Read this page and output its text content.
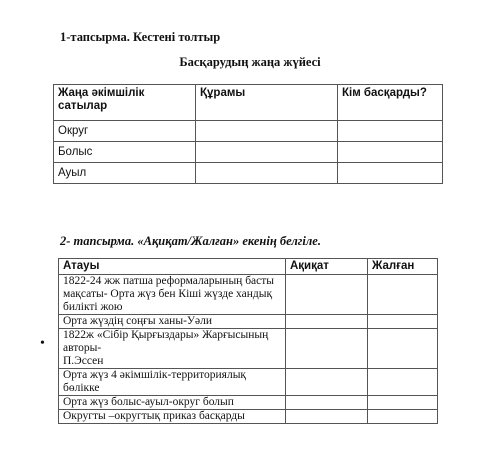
1-тапсырма. Кестені толтыр
Басқарудың жаңа жүйесі
Жаңа әкімшілік сатылар	Құрамы	Кім басқарды?
Округ		
Болыс		
Ауыл		
2- тапсырма. «Ақиқат/Жалған» екенің белгіле.
•
Атауы	Ақиқат	Жалған
1822-24 жж патша реформаларының басты мақсаты- Орта жүз бен Кіші жүзде хандық билікті жою		
Орта жүздің соңғы ханы-Уәли		
1822ж «Сібір Қырғыздары» Жарғысының авторы-
П.Эссен		
Орта жүз 4 әкімшілік-территориялық бөлікке		
Орта жүз болыс-ауыл-округ болып		
Округты –округтық приказ басқарды		
